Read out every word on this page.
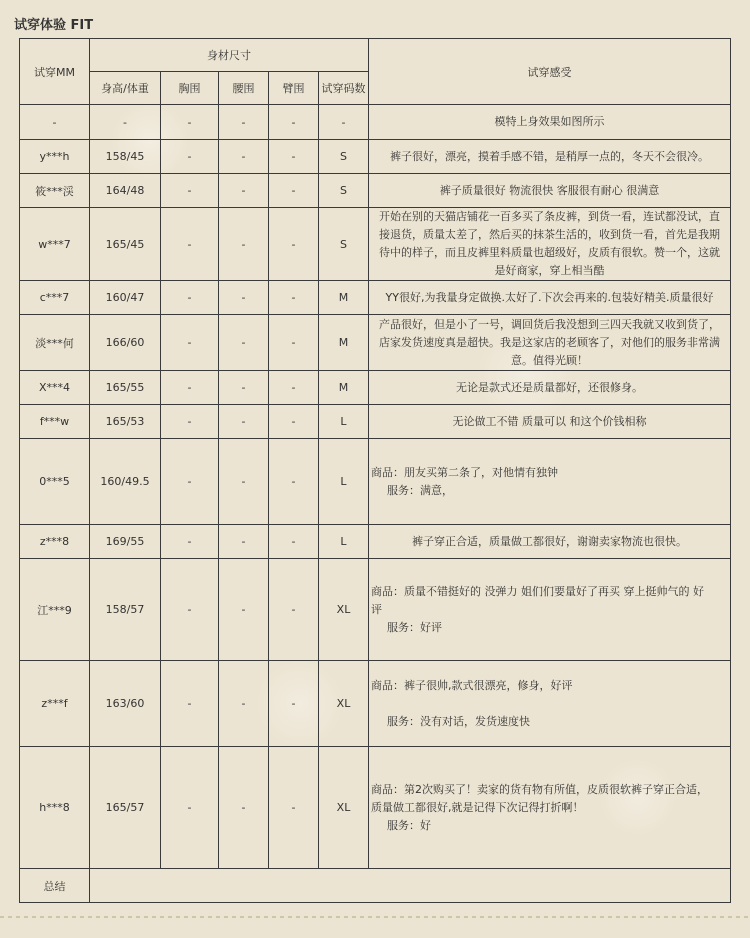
试穿体验 FIT
试穿MM	身材尺寸					试穿感受
	身高/体重	胸围	腰围	臂围	试穿码数	
-	-	-	-	-	-	模特上身效果如图所示

y***h	158/45	-	-	-	S	裤子很好，漂亮，摸着手感不错，是稍厚一点的，冬天不会很冷。

筱***渓	164/48	-	-	-	S	裤子质量很好 物流很快 客服很有耐心 很满意

w***7	165/45	-	-	-	S	开始在别的天猫店铺花一百多买了条皮裤，到货一看，连试都没试，直
接退货，质量太差了，然后买的抹茶生活的，收到货一看，首先是我期
待中的样子，而且皮裤里料质量也超级好，皮质有很软。赞一个，这就
是好商家，穿上相当酷

c***7	160/47	-	-	-	M	YY很好,为我量身定做换.太好了.下次会再来的.包装好精美.质量很好

淡***何	166/60	-	-	-	M	产品很好，但是小了一号，调回货后我没想到三四天我就又收到货了，
店家发货速度真是超快。我是这家店的老顾客了，对他们的服务非常满
意。值得光顾！

X***4	165/55	-	-	-	M	无论是款式还是质量都好，还很修身。

f***w	165/53	-	-	-	L	无论做工不错 质量可以 和这个价钱相称

0***5	160/49.5	-	-	-	L	商品：朋友买第二条了，对他情有独钟
服务：满意，

z***8	169/55	-	-	-	L	裤子穿正合适，质量做工都很好，谢谢卖家物流也很快。

江***9	158/57	-	-	-	XL	商品：质量不错挺好的 没弹力 姐们们要量好了再买 穿上挺帅气的 好
评
服务：好评

z***f	163/60	-	-	-	XL	商品：裤子很帅,款式很漂亮，修身，好评
服务：没有对话，发货速度快

h***8	165/57	-	-	-	XL	商品：第2次购买了！卖家的货有物有所值，皮质很软裤子穿正合适，
质量做工都很好,就是记得下次记得打折啊！
服务：好

总结						
